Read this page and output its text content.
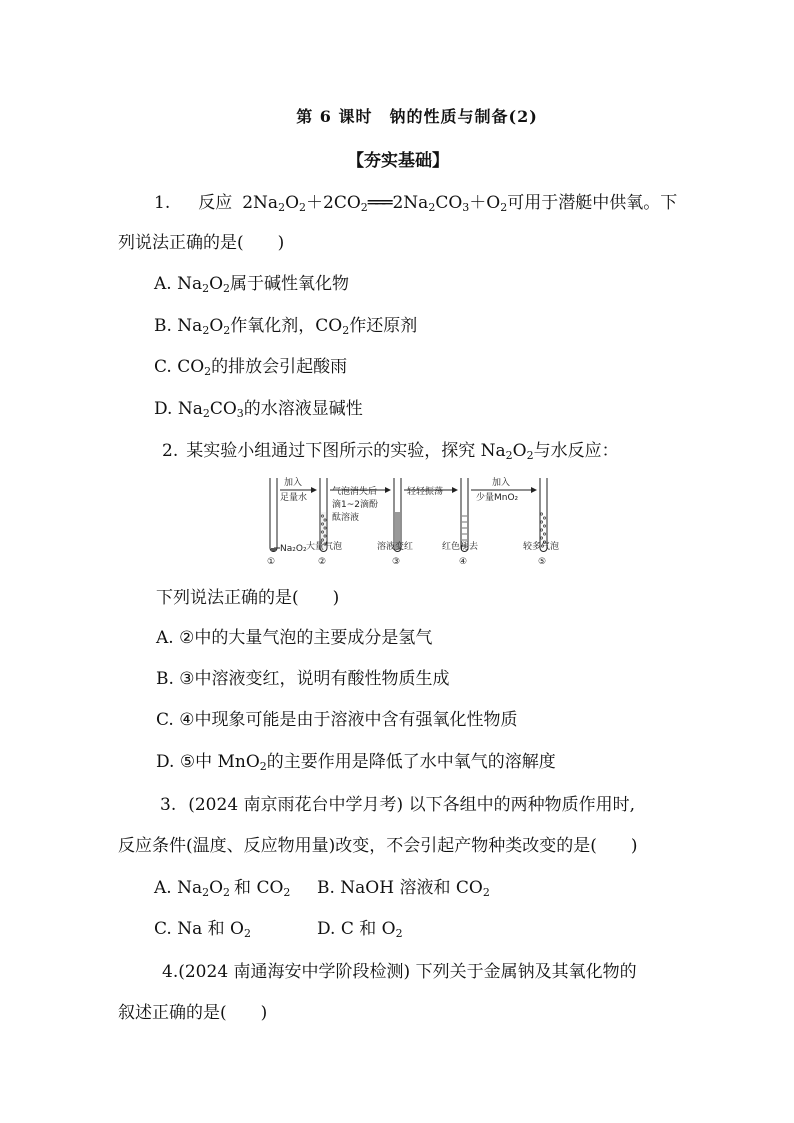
第 6 课时　钠的性质与制备(2)
【夯实基础】
1. 反应 $2Na_2O_2+2CO_2═══$ $2Na_2CO_3+O_2$可用于潜艇中供氧。下
列说法正确的是(　　)
A. $Na_2O_2$属于碱性氧化物
B. $Na_2O_2$作氧化剂，$CO_2$作还原剂
C. $CO_2$的排放会引起酸雨
D. $Na_2CO_3$的水溶液显碱性
2. 某实验小组通过下图所示的实验，探究 $Na_2O_2$与水反应：
加入
足量水
Na₂O₂
气泡消失后
滴1~2滴酚
酞溶液
轻轻振荡
加入
少量MnO₂
大量气泡	溶液变红	红色褪去	较多气泡
①	②	③	④	⑤
下列说法正确的是(　　)
A. ②中的大量气泡的主要成分是氢气
B. ③中溶液变红，说明有酸性物质生成
C. ④中现象可能是由于溶液中含有强氧化性物质
D. ⑤中 MnO$_2$的主要作用是降低了水中氧气的溶解度
3. (2024 南京雨花台中学月考) 以下各组中的两种物质作用时,
反应条件(温度、反应物用量)改变，不会引起产物种类改变的是(　　)
A. $Na_2O_2$ 和 $CO_2$ B. NaOH 溶液和 $CO_2$
C. Na 和 $O_2$	D. C 和 $O_2$
4.(2024 南通海安中学阶段检测) 下列关于金属钠及其氧化物的
叙述正确的是(　　)
